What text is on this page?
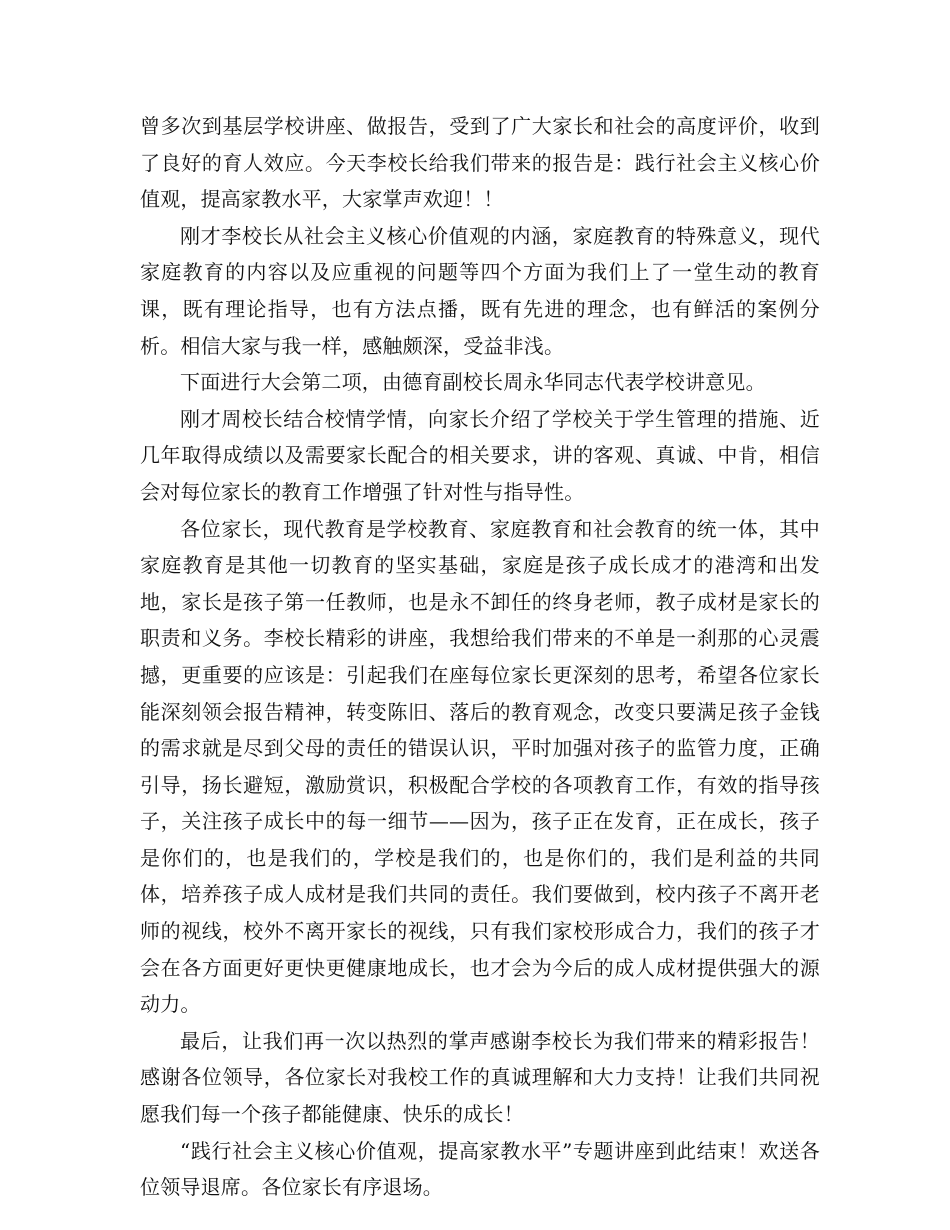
曾多次到基层学校讲座、做报告，受到了广大家长和社会的高度评价，收到了良好的育人效应。今天李校长给我们带来的报告是：践行社会主义核心价值观，提高家教水平，大家掌声欢迎！！

刚才李校长从社会主义核心价值观的内涵，家庭教育的特殊意义，现代家庭教育的内容以及应重视的问题等四个方面为我们上了一堂生动的教育课，既有理论指导，也有方法点播，既有先进的理念，也有鲜活的案例分析。相信大家与我一样，感触颇深，受益非浅。

下面进行大会第二项，由德育副校长周永华同志代表学校讲意见。

刚才周校长结合校情学情，向家长介绍了学校关于学生管理的措施、近几年取得成绩以及需要家长配合的相关要求，讲的客观、真诚、中肯，相信会对每位家长的教育工作增强了针对性与指导性。

各位家长，现代教育是学校教育、家庭教育和社会教育的统一体，其中家庭教育是其他一切教育的坚实基础，家庭是孩子成长成才的港湾和出发地，家长是孩子第一任教师，也是永不卸任的终身老师，教子成材是家长的职责和义务。李校长精彩的讲座，我想给我们带来的不单是一刹那的心灵震撼，更重要的应该是：引起我们在座每位家长更深刻的思考，希望各位家长能深刻领会报告精神，转变陈旧、落后的教育观念，改变只要满足孩子金钱的需求就是尽到父母的责任的错误认识，平时加强对孩子的监管力度，正确引导，扬长避短，激励赏识，积极配合学校的各项教育工作，有效的指导孩子，关注孩子成长中的每一细节——因为，孩子正在发育，正在成长，孩子是你们的，也是我们的，学校是我们的，也是你们的，我们是利益的共同体，培养孩子成人成材是我们共同的责任。我们要做到，校内孩子不离开老师的视线，校外不离开家长的视线，只有我们家校形成合力，我们的孩子才会在各方面更好更快更健康地成长，也才会为今后的成人成材提供强大的源动力。

最后，让我们再一次以热烈的掌声感谢李校长为我们带来的精彩报告！感谢各位领导，各位家长对我校工作的真诚理解和大力支持！让我们共同祝愿我们每一个孩子都能健康、快乐的成长！

“践行社会主义核心价值观，提高家教水平”专题讲座到此结束！欢送各位领导退席。各位家长有序退场。
